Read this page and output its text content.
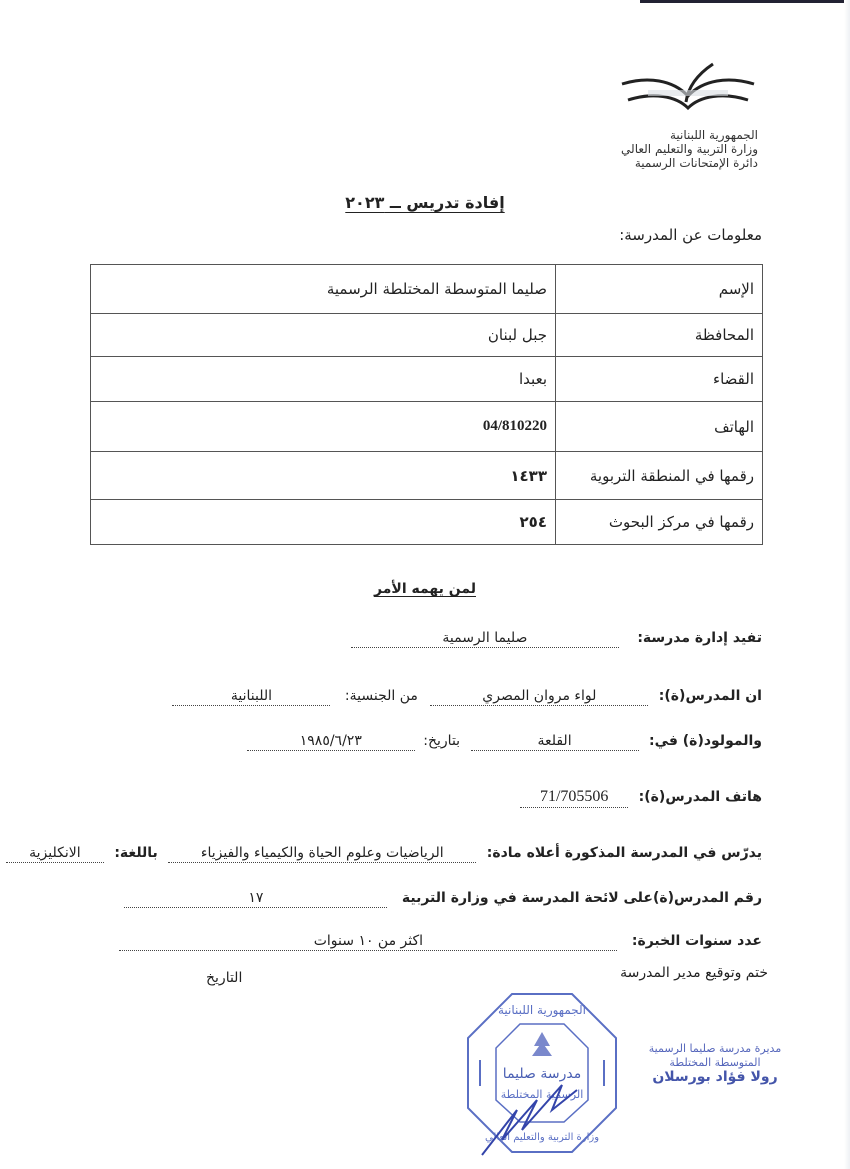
الجمهورية اللبنانية
وزارة التربية والتعليم العالي
دائرة الإمتحانات الرسمية
إفادة تدريس ــ ٢٠٢٣
معلومات عن المدرسة:
الإسم	صليما المتوسطة المختلطة الرسمية
المحافظة	جبل لبنان
القضاء	بعبدا
الهاتف	04/810220
رقمها في المنطقة التربوية	١٤٣٣
رقمها في مركز البحوث	٢٥٤
لمن يهمه الأمر
تفيد إدارة مدرسة: صليما الرسمية
ان المدرس(ة): لواء مروان المصري من الجنسية: اللبنانية
والمولود(ة) في: القلعة بتاريخ: ١٩٨٥/٦/٢٣
هاتف المدرس(ة): 71/705506
يدرّس في المدرسة المذكورة أعلاه مادة: الرياضيات وعلوم الحياة والكيمياء والفيزياء باللغة: الانكليزية
رقم المدرس(ة)على لائحة المدرسة في وزارة التربية ١٧
عدد سنوات الخبرة: اكثر من ١٠ سنوات
ختم وتوقيع مدير المدرسة
التاريخ
الجمهورية اللبنانية
مدرسة صليما
الرسمية المختلطة
وزارة التربية والتعليم العالي
مديرة مدرسة صليما الرسمية
المتوسطة المختلطة
رولا فؤاد بورسلان
